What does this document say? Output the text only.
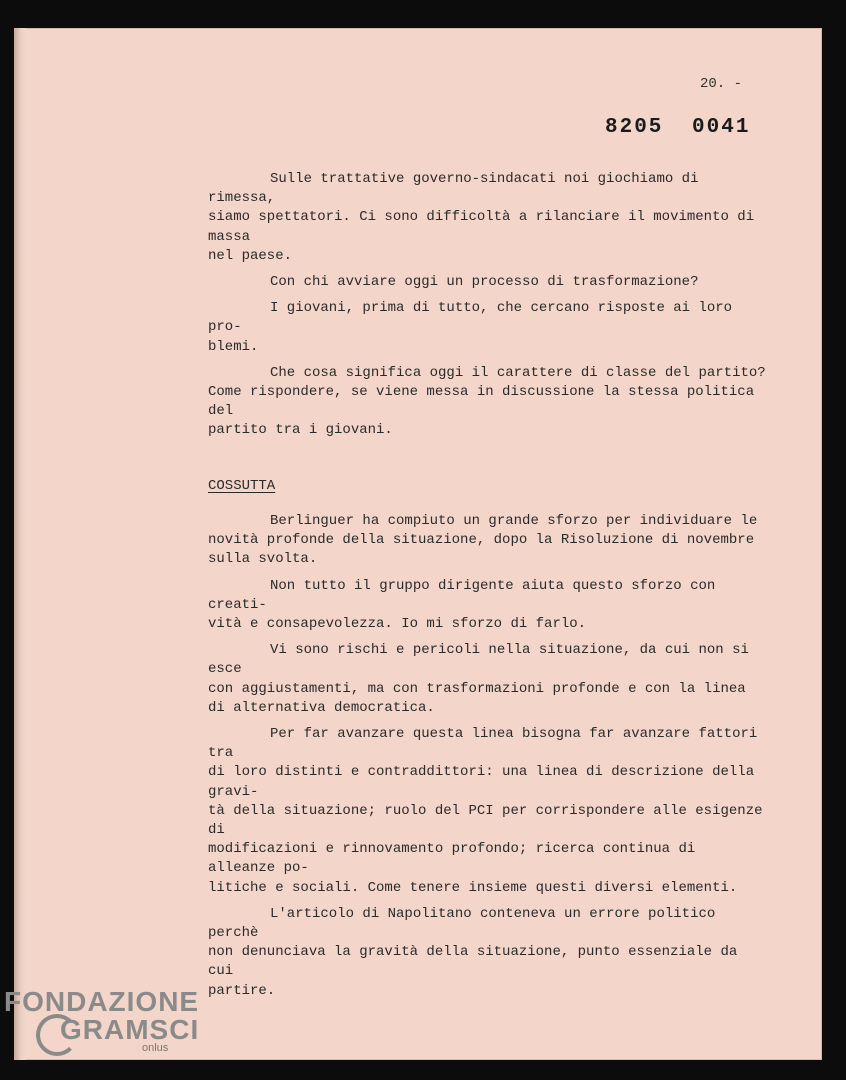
20. -
8205 0041

Sulle trattative governo-sindacati noi giochiamo di rimessa,

siamo spettatori. Ci sono difficoltà a rilanciare il movimento di massa

nel paese.

Con chi avviare oggi un processo di trasformazione?

I giovani, prima di tutto, che cercano risposte ai loro pro-

blemi.

Che cosa significa oggi il carattere di classe del partito?

Come rispondere, se viene messa in discussione la stessa politica del

partito tra i giovani.

COSSUTTA

Berlinguer ha compiuto un grande sforzo per individuare le

novità profonde della situazione, dopo la Risoluzione di novembre

sulla svolta.

Non tutto il gruppo dirigente aiuta questo sforzo con creati-

vità e consapevolezza. Io mi sforzo di farlo.

Vi sono rischi e pericoli nella situazione, da cui non si esce

con aggiustamenti, ma con trasformazioni profonde e con la linea

di alternativa democratica.

Per far avanzare questa linea bisogna far avanzare fattori tra

di loro distinti e contraddittori: una linea di descrizione della gravi-

tà della situazione; ruolo del PCI per corrispondere alle esigenze di

modificazioni e rinnovamento profondo; ricerca continua di alleanze po-

litiche e sociali. Come tenere insieme questi diversi elementi.

L'articolo di Napolitano conteneva un errore politico perchè

non denunciava la gravità della situazione, punto essenziale da cui

partire.

FONDAZIONE
GRAMSCI
onlus
